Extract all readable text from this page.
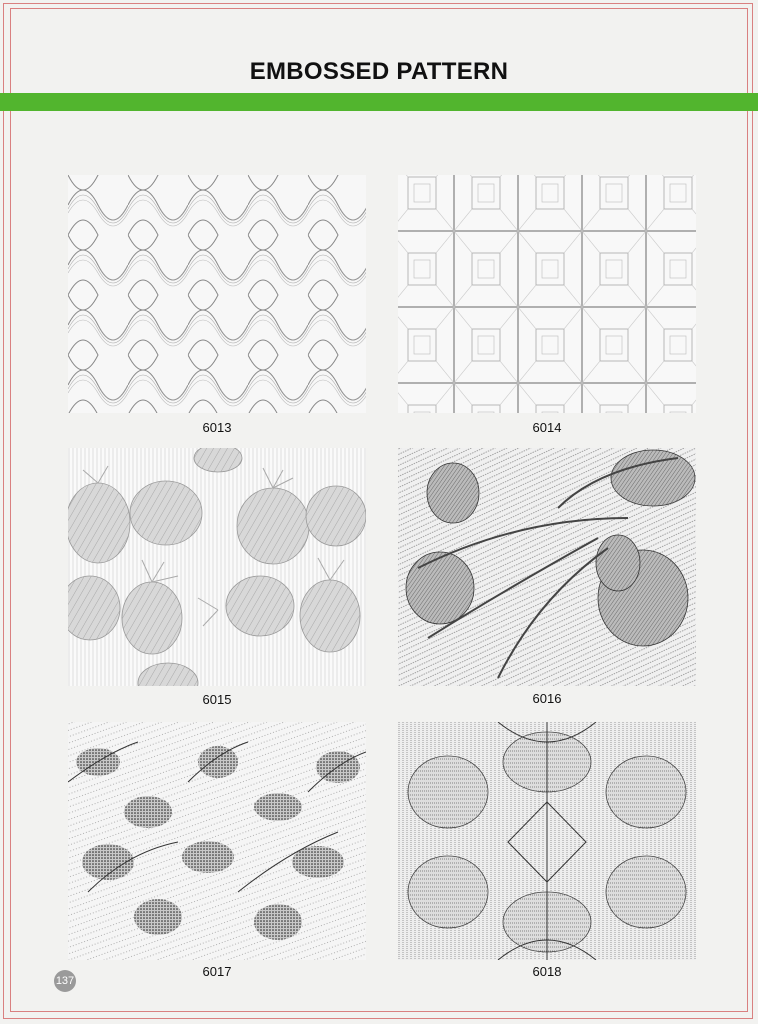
EMBOSSED PATTERN
6013	6014
6015	6016
6017	6018
137
